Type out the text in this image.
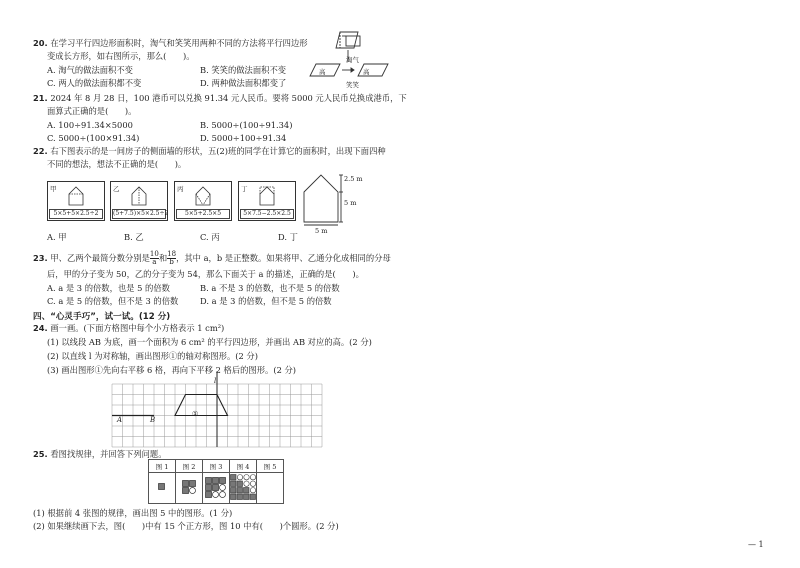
20. 在学习平行四边形面积时，淘气和笑笑用两种不同的方法将平行四边形
变成长方形，如右图所示，那么(　　)。
A. 淘气的做法面积不变	B. 笑笑的做法面积不变
C. 两人的做法面积都不变	D. 两种做法面积都变了
淘气
笑笑
高	高
21. 2024 年 8 月 28 日，100 港币可以兑换 91.34 元人民币。要将 5000 元人民币兑换成港币，下
面算式正确的是(　　)。
A. 100÷91.34×5000	B. 5000÷(100÷91.34)
C. 5000÷(100×91.34)	D. 5000÷100÷91.34
22. 右下图表示的是一间房子的侧面墙的形状，五(2)班的同学在计算它的面积时，出现下面四种
不同的想法，想法不正确的是(　　)。
甲
5×5+5×2.5÷2
乙
(5+7.5)×5×2.5÷2
丙
5×5+2.5×5
丁
5×7.5−2.5×2.5
2.5 m
5 m
5 m
A. 甲	B. 乙	C. 丙	D. 丁
23. 甲、乙两个最简分数分别是 $\frac{10}{a}$ 和 $\frac{18}{b}$ ，其中 a，b 是正整数。如果将甲、乙通分化成相同的分母
后，甲的分子变为 50，乙的分子变为 54，那么下面关于 a 的描述，正确的是(　　)。
A. a 是 3 的倍数，也是 5 的倍数	B. a 不是 3 的倍数，也不是 5 的倍数
C. a 是 5 的倍数，但不是 3 的倍数	D. a 是 3 的倍数，但不是 5 的倍数
四、“心灵手巧”，试一试。(12 分)
24. 画一画。(下面方格图中每个小方格表示 1 cm²)
(1) 以线段 AB 为底，画一个面积为 6 cm² 的平行四边形，并画出 AB 对应的高。(2 分)
(2) 以直线 l 为对称轴，画出图形①的轴对称图形。(2 分)
(3) 画出图形①先向右平移 6 格，再向下平移 2 格后的图形。(2 分)
A	B
l
①
25. 看图找规律，并回答下列问题。
图 1	图 2	图 3	图 4	图 5

(1) 根据前 4 张图的规律，画出图 5 中的图形。(1 分)
(2) 如果继续画下去，图(　　)中有 15 个正方形，图 10 中有(　　)个圆形。(2 分)
— 1
